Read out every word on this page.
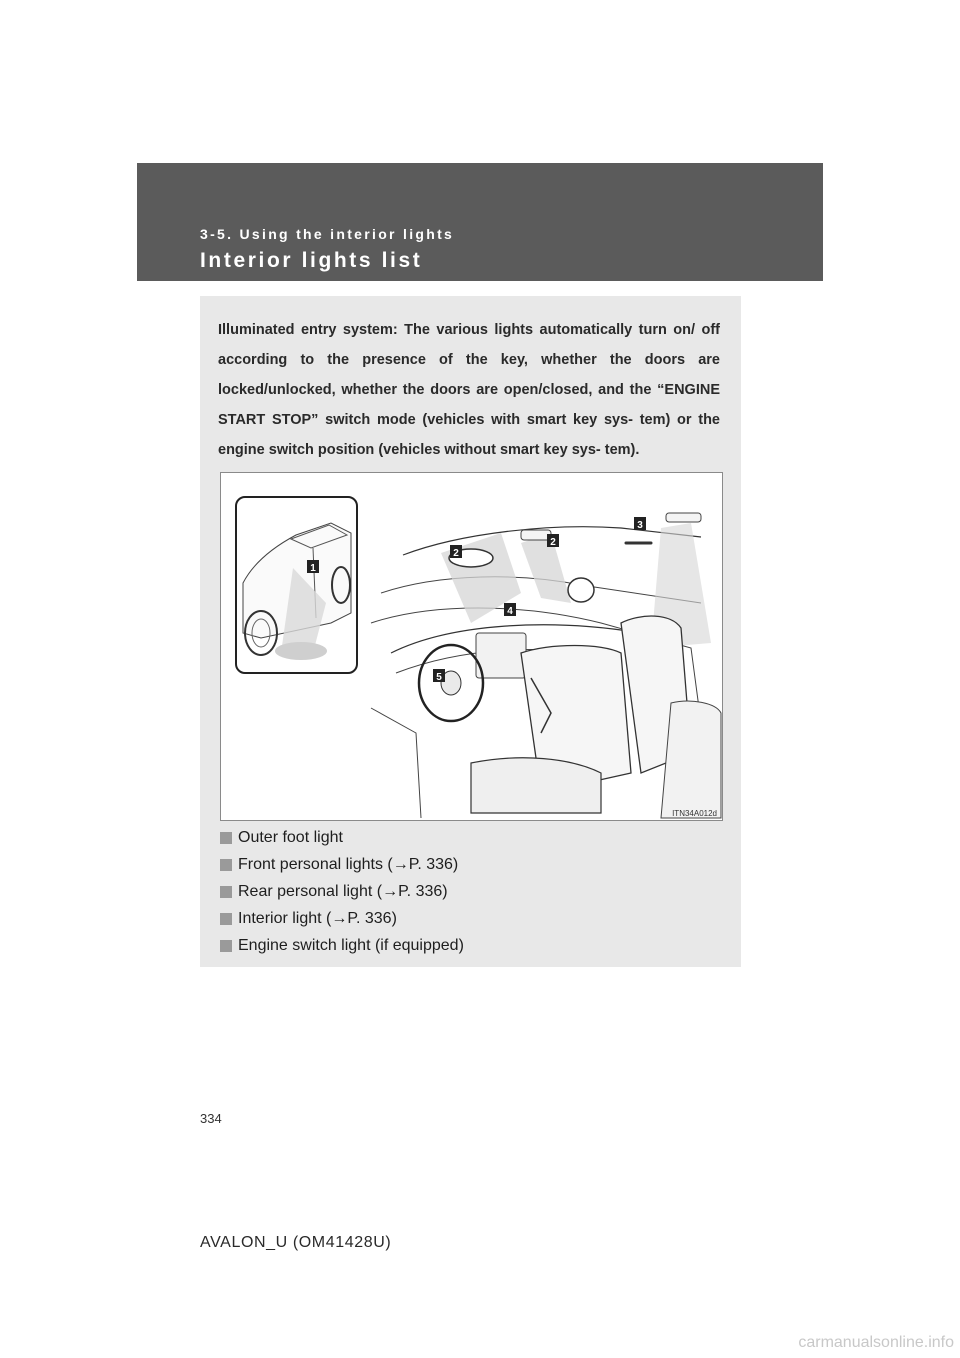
3-5. Using the interior lights
Interior lights list
Illuminated entry system: The various lights automatically turn on/ off according to the presence of the key, whether the doors are locked/unlocked, whether the doors are open/closed, and the “ENGINE START STOP” switch mode (vehicles with smart key sys- tem) or the engine switch position (vehicles without smart key sys- tem).
1
2
2
3
4
5
ITN34A012d
Outer foot light
Front personal lights (→P. 336)
Rear personal light (→P. 336)
Interior light (→P. 336)
Engine switch light (if equipped)
334
AVALON_U (OM41428U)
carmanualsonline.info
